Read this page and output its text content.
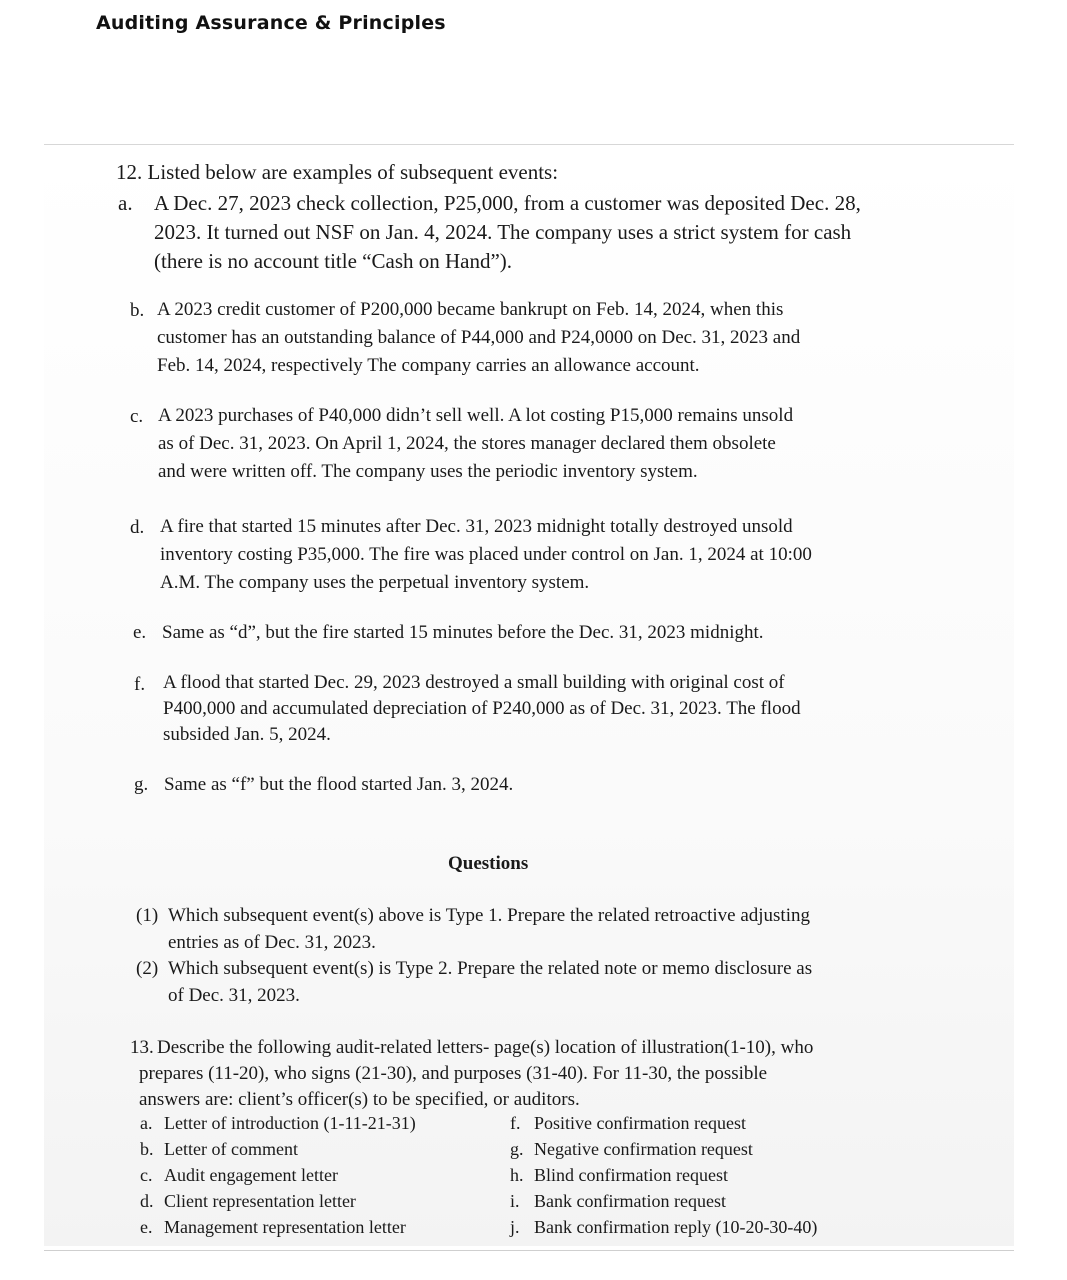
Auditing Assurance & Principles
12. Listed below are examples of subsequent events:
a.	A Dec. 27, 2023 check collection, P25,000, from a customer was deposited Dec. 28,

2023. It turned out NSF on Jan. 4, 2024. The company uses a strict system for cash

(there is no account title “Cash on Hand”).

b. A 2023 credit customer of P200,000 became bankrupt on Feb. 14, 2024, when this

customer has an outstanding balance of P44,000 and P24,0000 on Dec. 31, 2023 and

Feb. 14, 2024, respectively The company carries an allowance account.

c. A 2023 purchases of P40,000 didn’t sell well. A lot costing P15,000 remains unsold

as of Dec. 31, 2023. On April 1, 2024, the stores manager declared them obsolete

and were written off. The company uses the periodic inventory system.

d. A fire that started 15 minutes after Dec. 31, 2023 midnight totally destroyed unsold

inventory costing P35,000. The fire was placed under control on Jan. 1, 2024 at 10:00

A.M. The company uses the perpetual inventory system.

e. Same as “d”, but the fire started 15 minutes before the Dec. 31, 2023 midnight.

f. A flood that started Dec. 29, 2023 destroyed a small building with original cost of

P400,000 and accumulated depreciation of P240,000 as of Dec. 31, 2023. The flood

subsided Jan. 5, 2024.

g. Same as “f” but the flood started Jan. 3, 2024.

Questions
(1) Which subsequent event(s) above is Type 1. Prepare the related retroactive adjusting

entries as of Dec. 31, 2023.

(2) Which subsequent event(s) is Type 2. Prepare the related note or memo disclosure as

of Dec. 31, 2023.

13. Describe the following audit-related letters- page(s) location of illustration(1-10), who

prepares (11-20), who signs (21-30), and purposes (31-40). For 11-30, the possible

answers are: client’s officer(s) to be specified, or auditors.

a. Letter of introduction (1-11-21-31)
b. Letter of comment
c. Audit engagement letter
d. Client representation letter
e. Management representation letter
f. Positive confirmation request
g. Negative confirmation request
h. Blind confirmation request
i. Bank confirmation request
j. Bank confirmation reply (10-20-30-40)
